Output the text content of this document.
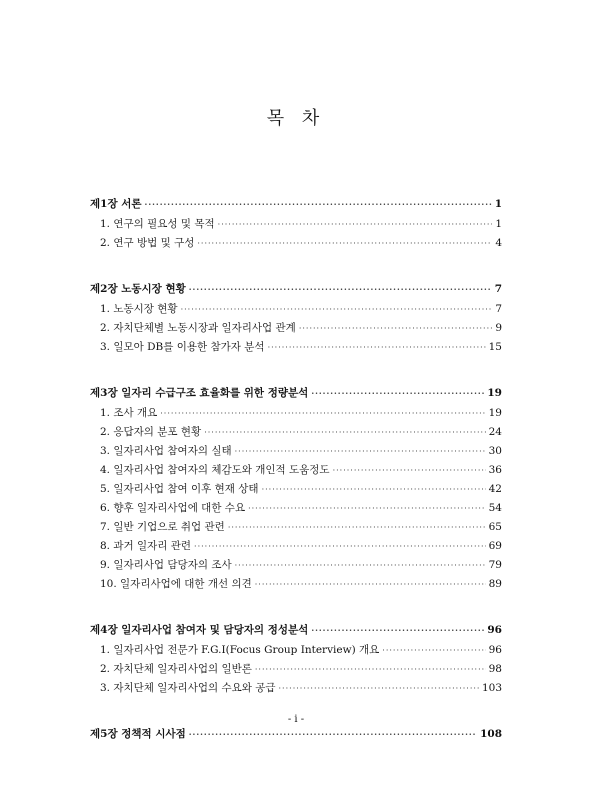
목 차
제1장 서론 ·····	1
1. 연구의 필요성 및 목적 ·····	1
2. 연구 방법 및 구성 ·····	4
제2장 노동시장 현황 ·····	7
1. 노동시장 현황 ·····	7
2. 자치단체별 노동시장과 일자리사업 관계 ·····	9
3. 일모아 DB를 이용한 참가자 분석 ·····	15
제3장 일자리 수급구조 효율화를 위한 정량분석 ·····	19
1. 조사 개요 ·····	19
2. 응답자의 분포 현황 ·····	24
3. 일자리사업 참여자의 실태 ·····	30
4. 일자리사업 참여자의 체감도와 개인적 도움정도 ·····	36
5. 일자리사업 참여 이후 현재 상태 ·····	42
6. 향후 일자리사업에 대한 수요 ·····	54
7. 일반 기업으로 취업 관련 ·····	65
8. 과거 일자리 관련 ·····	69
9. 일자리사업 담당자의 조사 ·····	79
10. 일자리사업에 대한 개선 의견 ·····	89
제4장 일자리사업 참여자 및 담당자의 정성분석 ·····	96
1. 일자리사업 전문가 F.G.I(Focus Group Interview) 개요 ·····	96
2. 자치단체 일자리사업의 일반론 ·····	98
3. 자치단체 일자리사업의 수요와 공급 ·····	103
제5장 정책적 시사점 ·····	108
- i -
